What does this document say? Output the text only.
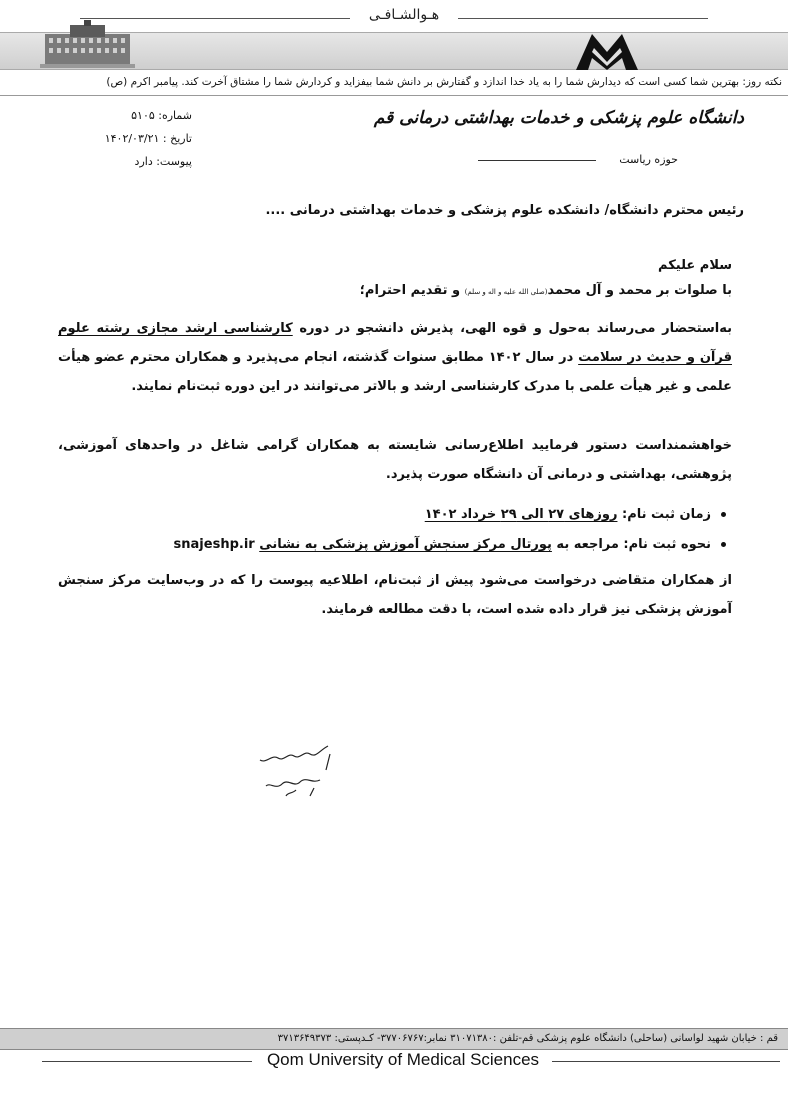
هـوالشـافـی
نکته روز: بهترین شما کسی است که دیدارش شما را به یاد خدا اندازد و گفتارش بر دانش شما بیفزاید و کردارش شما را مشتاق آخرت کند. پیامبر اکرم (ص)
دانشگاه علوم پزشکی و خدمات بهداشتی درمانی قم
حوزه ریاست
شماره: ۵۱۰۵
تاریخ : ۱۴۰۲/۰۳/۲۱
پیوست: دارد
رئیس محترم دانشگاه/ دانشکده علوم پزشکی و خدمات بهداشتی درمانی ....
سلام علیکم
با صلوات بر محمد و آل محمد(صلی الله علیه و اله و سلم) و تقدیم احترام؛
به‌استحضار می‌رساند به‌حول و قوه الهی، پذیرش دانشجو در دوره کارشناسی ارشد مجازی رشته علوم قرآن و حدیث در سلامت در سال ۱۴۰۲ مطابق سنوات گذشته، انجام می‌پذیرد و همکاران محترم عضو هیأت علمی و غیر هیأت علمی با مدرک کارشناسی ارشد و بالاتر می‌توانند در این دوره ثبت‌نام نمایند.
خواهشمنداست دستور فرمایید اطلاع‌رسانی شایسته به همکاران گرامی شاغل در واحدهای آموزشی، پژوهشی، بهداشتی و درمانی آن دانشگاه صورت پذیرد.
زمان ثبت نام: روزهای ۲۷ الی ۲۹ خرداد ۱۴۰۲
نحوه ثبت نام: مراجعه به پورتال مرکز سنجش آموزش پزشکی به نشانی snajeshp.ir
از همکاران متقاضی درخواست می‌شود پیش از ثبت‌نام، اطلاعیه پیوست را که در وب‌سایت مرکز سنجش آموزش پزشکی نیز قرار داده شده است، با دقت مطالعه فرمایند.
قم : خیابان شهید لواسانی (ساحلی) دانشگاه علوم پزشکی قم-تلفن :۳۱۰۷۱۳۸۰ نمابر:۳۷۷۰۶۷۶۷- کـدپستی: ۳۷۱۳۶۴۹۳۷۳
Qom University of Medical Sciences
